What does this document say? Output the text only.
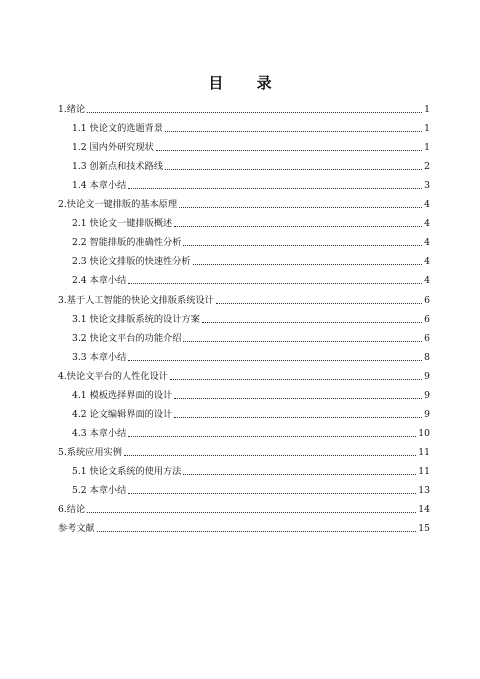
目 录
1.绪论	1
1.1 快论文的选题背景	1
1.2 国内外研究现状	1
1.3 创新点和技术路线	2
1.4 本章小结	3
2.快论文一键排版的基本原理	4
2.1 快论文一键排版概述	4
2.2 智能排版的准确性分析	4
2.3 快论文排版的快速性分析	4
2.4 本章小结	4
3.基于人工智能的快论文排版系统设计	6
3.1 快论文排版系统的设计方案	6
3.2 快论文平台的功能介绍	6
3.3 本章小结	8
4.快论文平台的人性化设计	9
4.1 模板选择界面的设计	9
4.2 论文编辑界面的设计	9
4.3 本章小结	10
5.系统应用实例	11
5.1 快论文系统的使用方法	11
5.2 本章小结	13
6.结论	14
参考文献	15
